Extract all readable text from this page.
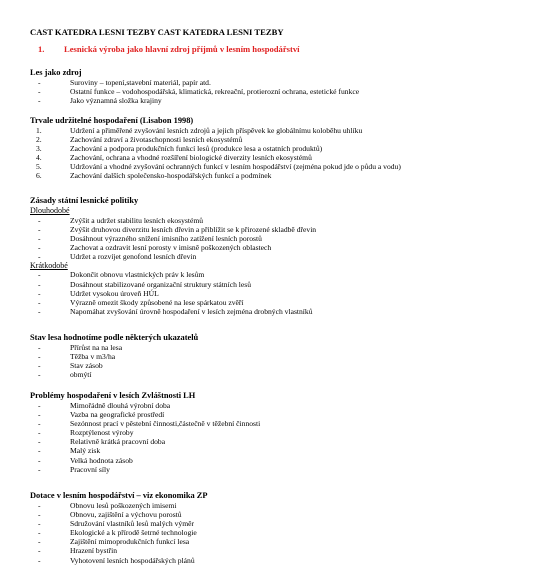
CAST KATEDRA LESNI TEZBY CAST KATEDRA LESNI TEZBY
1. Lesnická výroba jako hlavní zdroj příjmů v lesním hospodářství
Les jako zdroj
-	Suroviny – topení,stavební materiál, papír atd.
-	Ostatní funkce – vodohospodářská, klimatická, rekreační, protierozní ochrana, estetické funkce
-	Jako významná složka krajiny
Trvale udržitelné hospodaření (Lisabon 1998)
1.	Udržení a přiměřené zvyšování lesních zdrojů a jejich příspěvek ke globálnímu koloběhu uhlíku
2.	Zachování zdraví a životaschopnosti lesních ekosystémů
3.	Zachování a podpora produkčních funkcí lesů (produkce lesa a ostatních produktů)
4.	Zachování, ochrana a vhodné rozšíření biologické diverzity lesních ekosystémů
5.	Udržování a vhodné zvyšování ochranných funkcí v lesním hospodářství (zejména pokud jde o půdu a vodu)
6.	Zachování dalších společensko-hospodářských funkcí a podmínek
Zásady státní lesnické politiky
Dlouhodobé
-	Zvýšit a udržet stabilitu lesních ekosystémů
-	Zvýšit druhovou diverzitu lesních dřevin a přiblížit se k přirozené skladbě dřevin
-	Dosáhnout výrazného snížení imisního zatížení lesních porostů
-	Zachovat a ozdravit lesní porosty v imisně poškozených oblastech
-	Udržet a rozvíjet genofond lesních dřevin
Krátkodobé
-	Dokončit obnovu vlastnických práv k lesům
-	Dosáhnout stabilizované organizační struktury státních lesů
-	Udržet vysokou úroveň HÚL
-	Výrazně omezit škody způsobené na lese spárkatou zvěří
-	Napomáhat zvyšování úrovně hospodaření v lesích zejména drobných vlastníků
Stav lesa hodnotíme podle některých ukazatelů
-	Přírůst na na lesa
-	Těžba v m3/ha
-	Stav zásob
-	obmýtí
Problémy hospodaření v lesích Zvláštnosti LH
-	Mimořádně dlouhá výrobní doba
-	Vazba na geografické prostředí
-	Sezónnost prací v pěstební činnosti,částečně v těžební činnosti
-	Rozptýlenost výroby
-	Relativně krátká pracovní doba
-	Malý zisk
-	Velká hodnota zásob
-	Pracovní síly
Dotace v lesním hospodářství – viz ekonomika ZP
-	Obnovu lesů poškozených imisemi
-	Obnovu, zajištění a výchovu porostů
-	Sdružování vlastníků lesů malých výměr
-	Ekologické a k přírodě šetrné technologie
-	Zajištění mimoprodukčních funkcí lesa
-	Hrazení bystřin
-	Vyhotovení lesních hospodářských plánů
